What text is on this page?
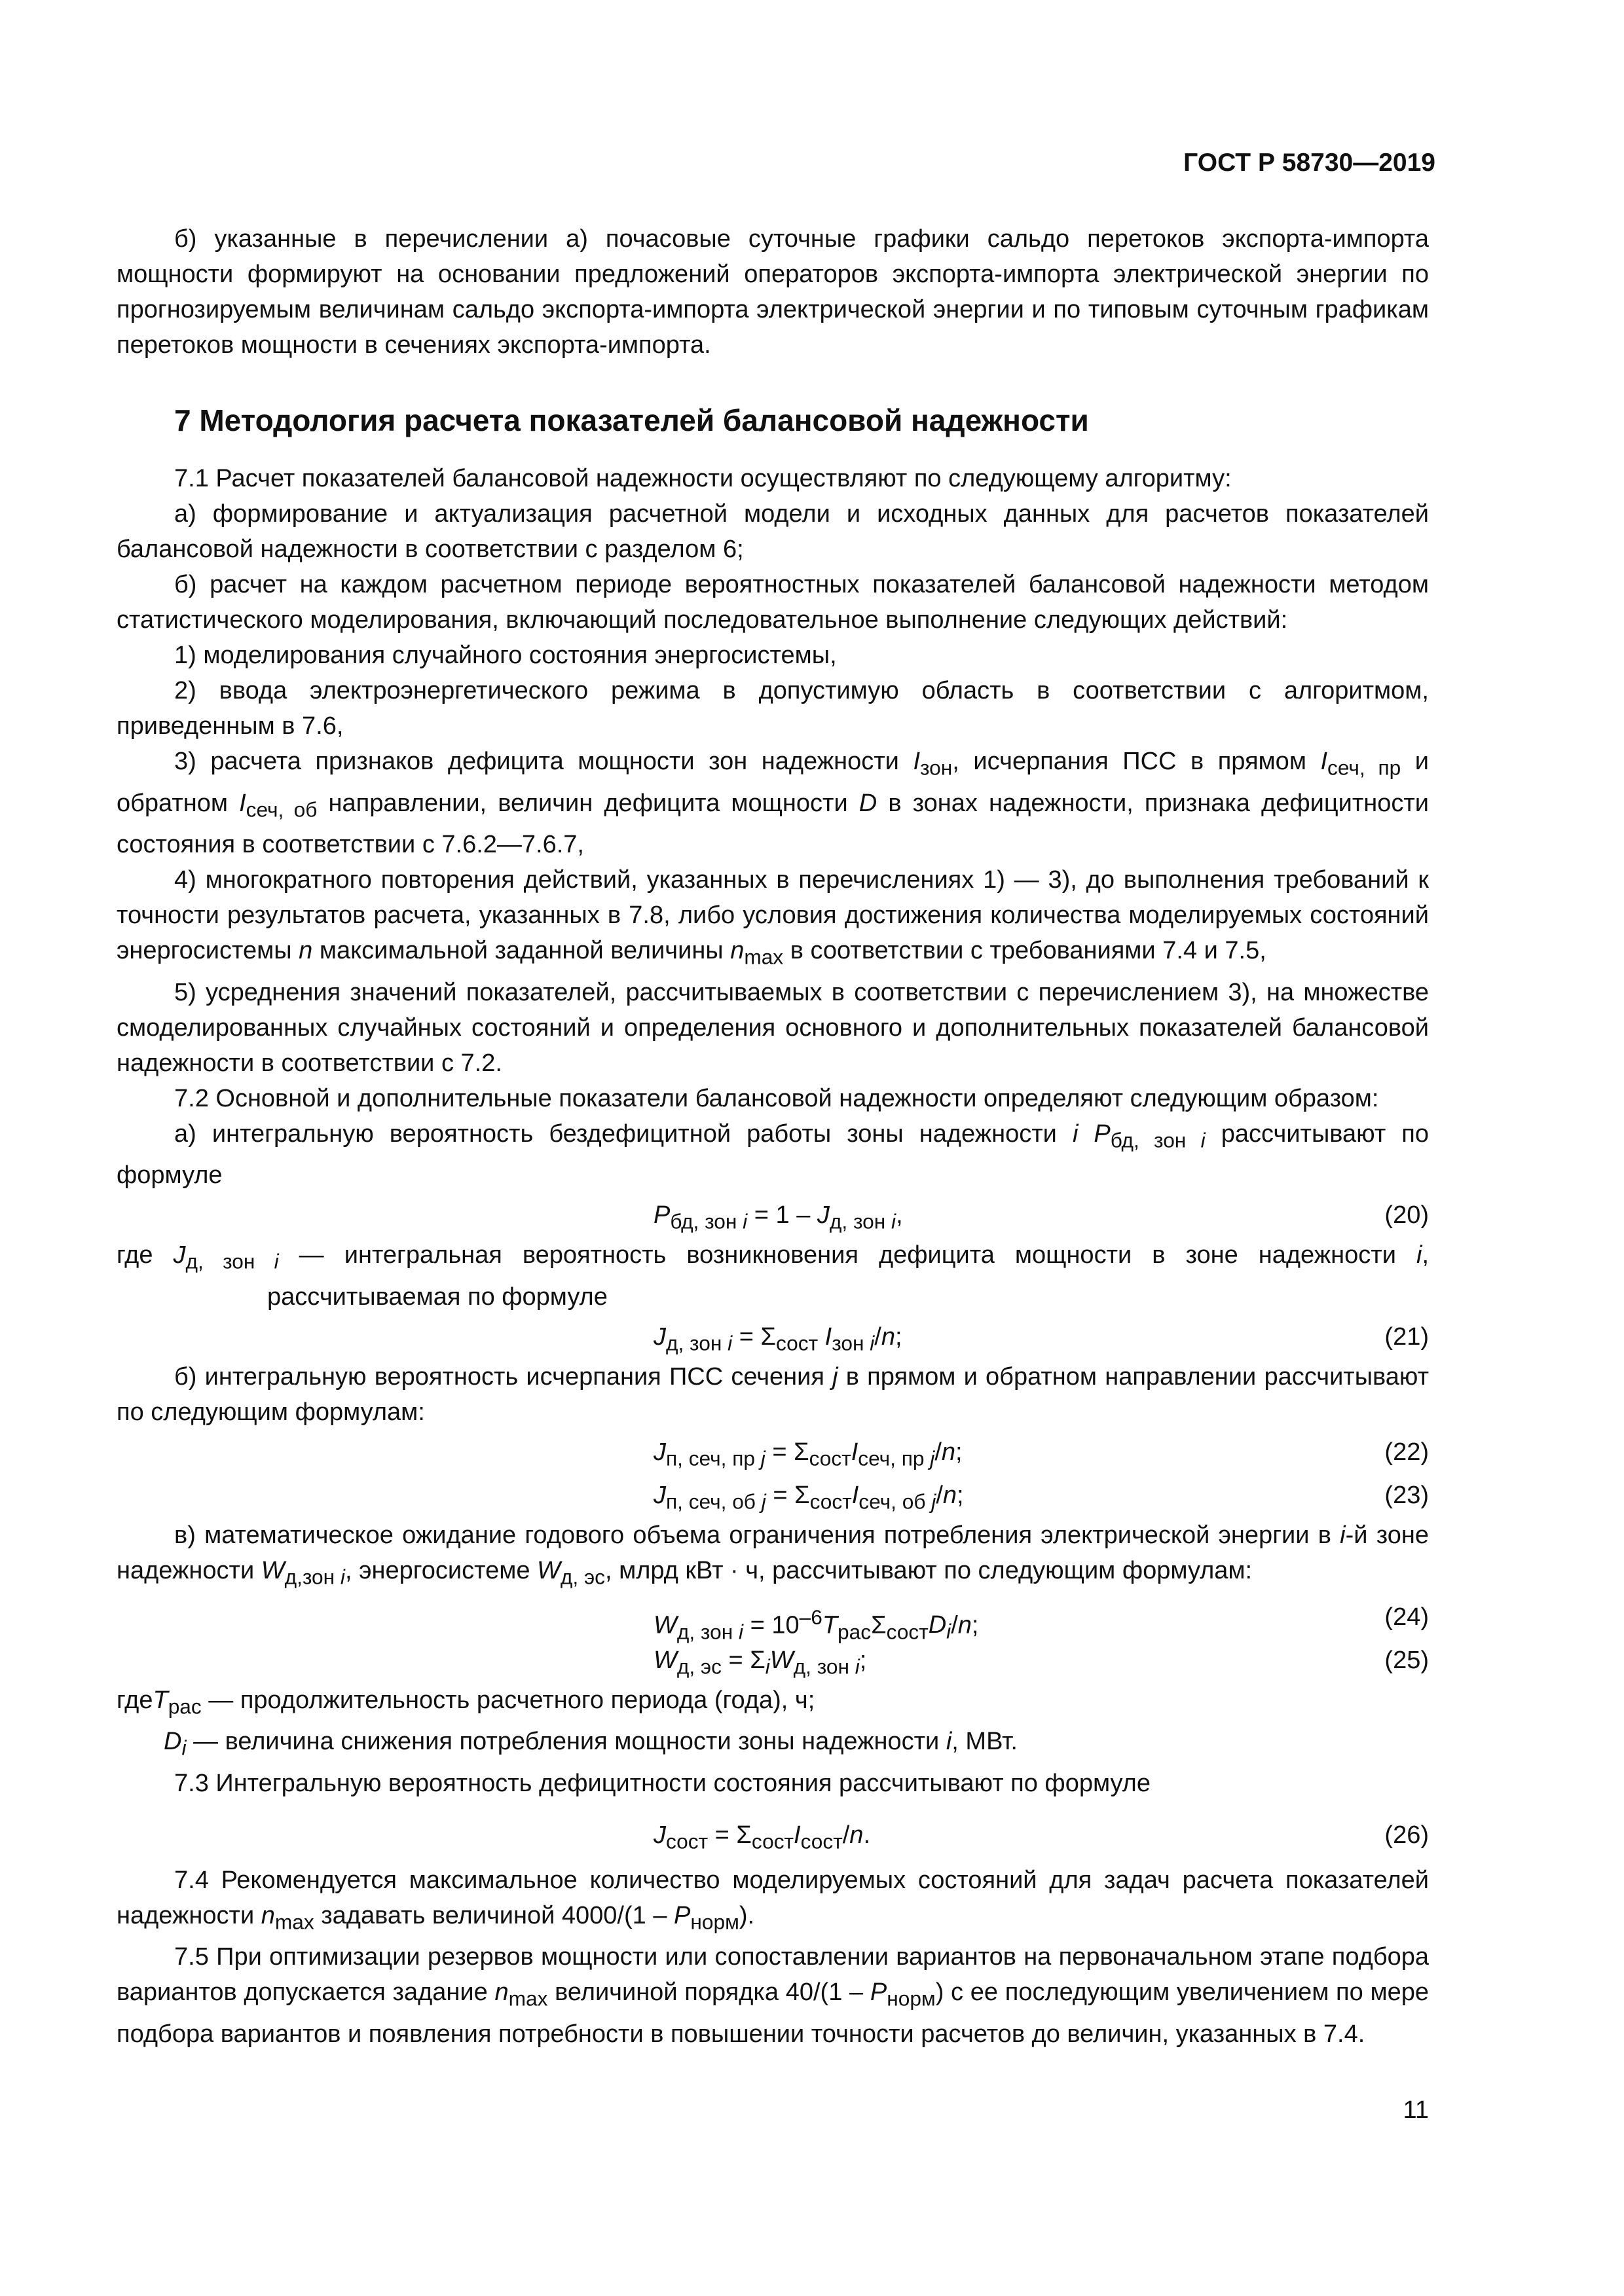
ГОСТ Р 58730—2019

б) указанные в перечислении а) почасовые суточные графики сальдо перетоков экспорта-импорта мощности формируют на основании предложений операторов экспорта-импорта электрической энергии по прогнозируемым величинам сальдо экспорта-импорта электрической энергии и по типовым суточным графикам перетоков мощности в сечениях экспорта-импорта.

7 Методология расчета показателей балансовой надежности

7.1 Расчет показателей балансовой надежности осуществляют по следующему алгоритму:

а) формирование и актуализация расчетной модели и исходных данных для расчетов показателей балансовой надежности в соответствии с разделом 6;

б) расчет на каждом расчетном периоде вероятностных показателей балансовой надежности методом статистического моделирования, включающий последовательное выполнение следующих действий:

1) моделирования случайного состояния энергосистемы,

2) ввода электроэнергетического режима в допустимую область в соответствии с алгоритмом, приведенным в 7.6,

3) расчета признаков дефицита мощности зон надежности $I_{зон}$, исчерпания ПСС в прямом $I_{сеч, пр}$ и обратном $I_{сеч, об}$ направлении, величин дефицита мощности D в зонах надежности, признака дефицитности состояния в соответствии с 7.6.2—7.6.7,

4) многократного повторения действий, указанных в перечислениях 1) — 3), до выполнения требований к точности результатов расчета, указанных в 7.8, либо условия достижения количества моделируемых состояний энергосистемы n максимальной заданной величины $n_{max}$ в соответствии с требованиями 7.4 и 7.5,

5) усреднения значений показателей, рассчитываемых в соответствии с перечислением 3), на множестве смоделированных случайных состояний и определения основного и дополнительных показателей балансовой надежности в соответствии с 7.2.

7.2 Основной и дополнительные показатели балансовой надежности определяют следующим образом:

а) интегральную вероятность бездефицитной работы зоны надежности i $P_{бд, зон i}$ рассчитывают по формуле

$P_{бд, зон i} = 1 - J_{д, зон i}$,	(20)

где $J_{д, зон i}$ — интегральная вероятность возникновения дефицита мощности в зоне надежности i, рассчитываемая по формуле

$J_{д, зон i} = \Sigma_{сост}$ $I_{зон i}/n$;	(21)

б) интегральную вероятность исчерпания ПСС сечения j в прямом и обратном направлении рассчитывают по следующим формулам:

$J_{п, сеч, пр j} = \Sigma_{сост}I_{сеч, пр j}/n$;	(22)
$J_{п, сеч, об j} = \Sigma_{сост}I_{сеч, об j}/n$;	(23)

в) математическое ожидание годового объема ограничения потребления электрической энергии в i-й зоне надежности $W_{д,зон i}$, энергосистеме $W_{д, эс}$, млрд кВт · ч, рассчитывают по следующим формулам:

$W_{д, зон i} = 10^{-6}T_{рас}\Sigma_{сост}D_i/n$;	(24)
$W_{д, эс} = \Sigma_iW_{д, зон i}$;	(25)

гдеT$_{рас}$ — продолжительность расчетного периода (года), ч;

$D_i$ — величина снижения потребления мощности зоны надежности i, МВт.

7.3 Интегральную вероятность дефицитности состояния рассчитывают по формуле

$J_{сост} = \Sigma_{сост}I_{сост}/n$.	(26)

7.4 Рекомендуется максимальное количество моделируемых состояний для задач расчета показателей надежности $n_{max}$ задавать величиной $4000/(1 - P_{норм})$.

7.5 При оптимизации резервов мощности или сопоставлении вариантов на первоначальном этапе подбора вариантов допускается задание $n_{max}$ величиной порядка $40/(1 - P_{норм})$ с ее последующим увеличением по мере подбора вариантов и появления потребности в повышении точности расчетов до величин, указанных в 7.4.

11
